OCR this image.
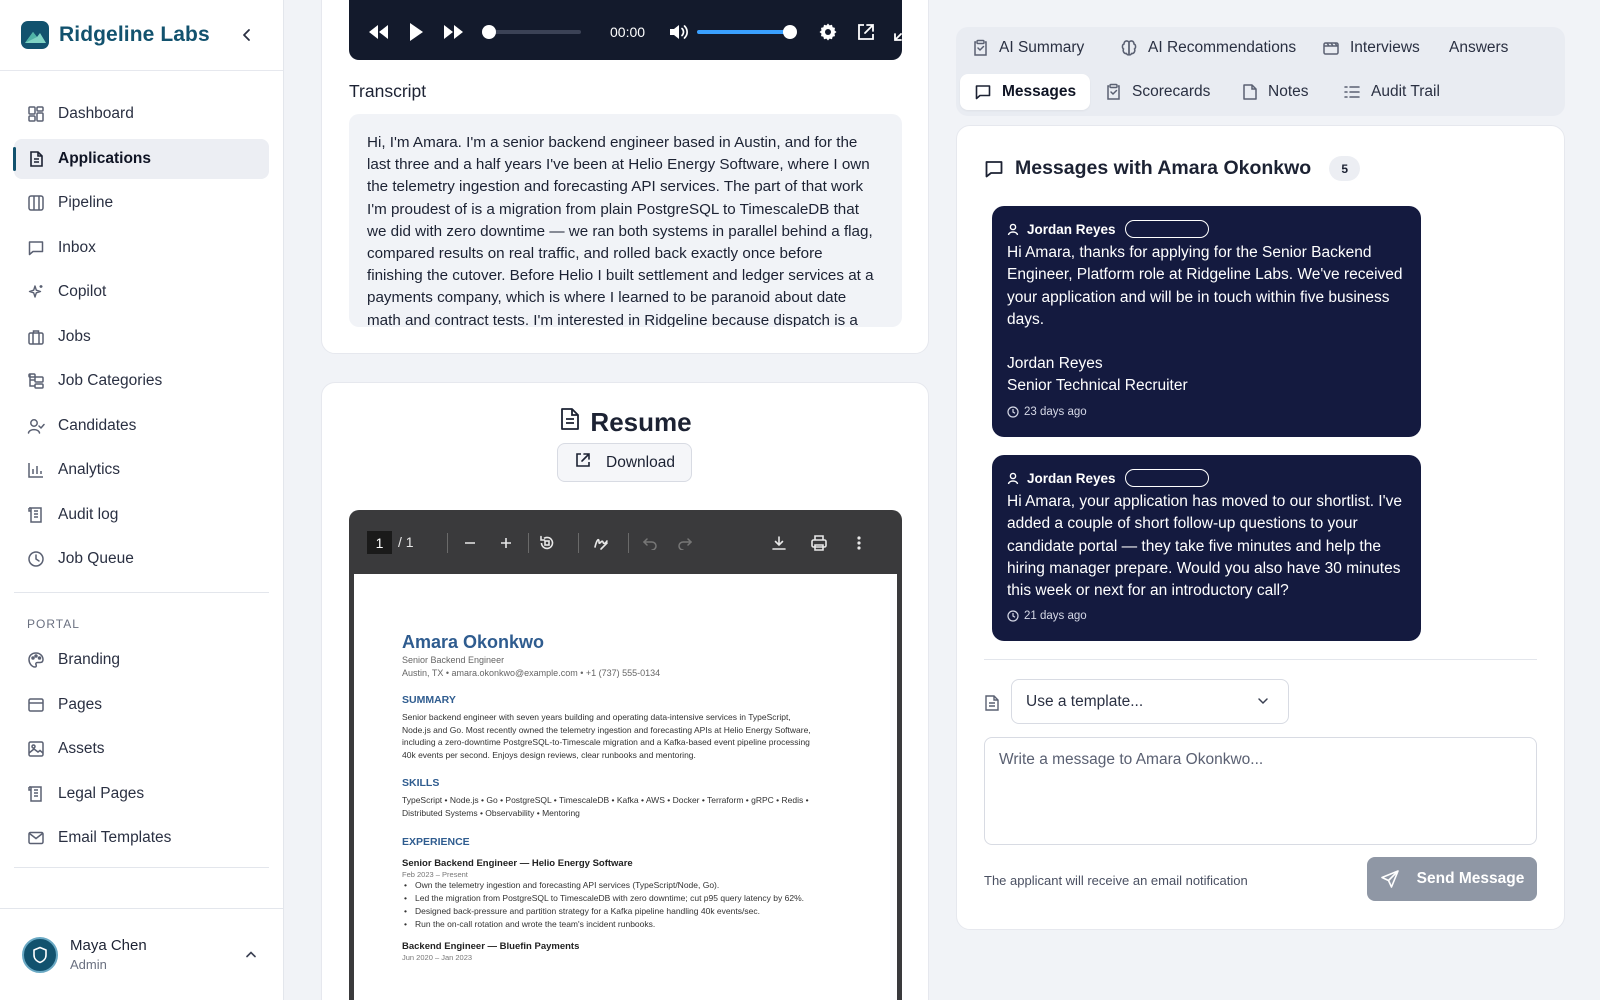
Ridgeline Labs
Dashboard
Applications
Pipeline
Inbox
Copilot
Jobs
Job Categories
Candidates
Analytics
Audit log
Job Queue
PORTAL
Branding
Pages
Assets
Legal Pages
Email Templates
Maya Chen
Admin
00:00
Transcript
Hi, I'm Amara. I'm a senior backend engineer based in Austin, and for the last three and a half years I've been at Helio Energy Software, where I own the telemetry ingestion and forecasting API services. The part of that work I'm proudest of is a migration from plain PostgreSQL to TimescaleDB that we did with zero downtime — we ran both systems in parallel behind a flag, compared results on real traffic, and rolled back exactly once before finishing the cutover. Before Helio I built settlement and ledger services at a payments company, which is where I learned to be paranoid about date math and contract tests. I'm interested in Ridgeline because dispatch is a
Resume
Download
1	/ 1
Amara Okonkwo
Senior Backend Engineer
Austin, TX • amara.okonkwo@example.com • +1 (737) 555-0134
SUMMARY
Senior backend engineer with seven years building and operating data-intensive services in TypeScript, Node.js and Go. Most recently owned the telemetry ingestion and forecasting APIs at Helio Energy Software, including a zero-downtime PostgreSQL-to-Timescale migration and a Kafka-based event pipeline processing 40k events per second. Enjoys design reviews, clear runbooks and mentoring.
SKILLS
TypeScript • Node.js • Go • PostgreSQL • TimescaleDB • Kafka • AWS • Docker • Terraform • gRPC • Redis • Distributed Systems • Observability • Mentoring
EXPERIENCE
Senior Backend Engineer — Helio Energy Software
Feb 2023 – Present
• Own the telemetry ingestion and forecasting API services (TypeScript/Node, Go).
• Led the migration from PostgreSQL to TimescaleDB with zero downtime; cut p95 query latency by 62%.
• Designed back-pressure and partition strategy for a Kafka pipeline handling 40k events/sec.
• Run the on-call rotation and wrote the team's incident runbooks.
Backend Engineer — Bluefin Payments
Jun 2020 – Jan 2023
AI Summary	AI Recommendations	Interviews Answers
Messages	Scorecards	Notes	Audit Trail
Messages with Amara Okonkwo	5
Jordan Reyes
Hi Amara, thanks for applying for the Senior Backend Engineer, Platform role at Ridgeline Labs. We've received your application and will be in touch within five business days.
Jordan Reyes
Senior Technical Recruiter
23 days ago
Jordan Reyes
Hi Amara, your application has moved to our shortlist. I've added a couple of short follow-up questions to your candidate portal — they take five minutes and help the hiring manager prepare. Would you also have 30 minutes this week or next for an introductory call?
21 days ago
Use a template...
Write a message to Amara Okonkwo...
The applicant will receive an email notification	Send Message
